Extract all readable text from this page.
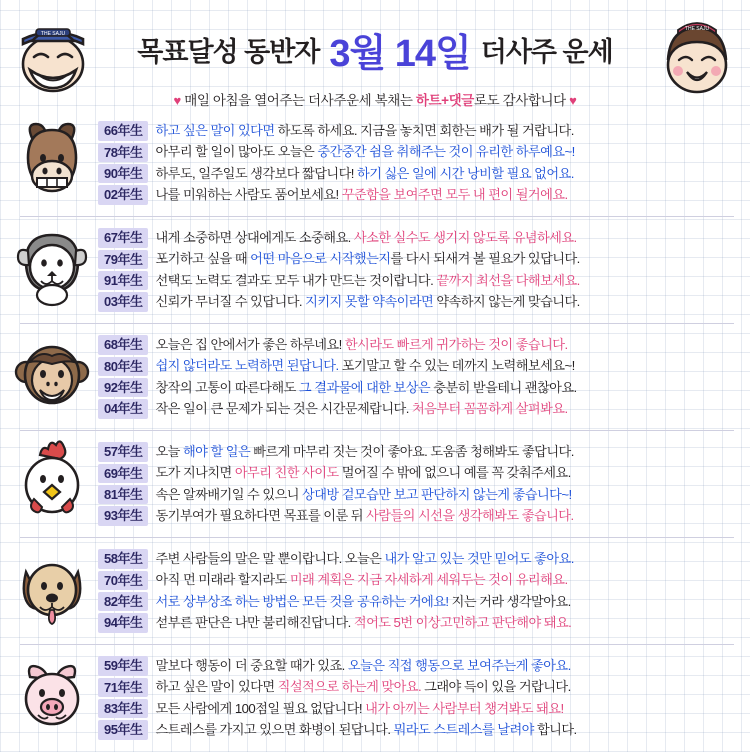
THE SAJU
목표달성 동반자 3월 14일 더사주 운세
♥ 매일 아침을 열어주는 더사주운세 복채는 하트+댓글로도 감사합니다 ♥
THE SAJU
66年生 하고 싶은 말이 있다면 하도록 하세요. 지금을 놓치면 회한는 배가 될 거랍니다.
78年生 아무리 할 일이 많아도 오늘은 중간중간 쉼을 취해주는 것이 유리한 하루예요~!
90年生 하루도, 일주일도 생각보다 짧답니다! 하기 싫은 일에 시간 낭비할 필요 없어요.
02年生 나를 미워하는 사람도 품어보세요! 꾸준함을 보여주면 모두 내 편이 될거에요.
67年生 내게 소중하면 상대에게도 소중해요. 사소한 실수도 생기지 않도록 유념하세요.
79年生 포기하고 싶을 때 어떤 마음으로 시작했는지를 다시 되새겨 볼 필요가 있답니다.
91年生 선택도 노력도 결과도 모두 내가 만드는 것이랍니다. 끝까지 최선을 다해보세요.
03年生 신뢰가 무너질 수 있답니다. 지키지 못할 약속이라면 약속하지 않는게 맞습니다.
68年生 오늘은 집 안에서가 좋은 하루네요! 한시라도 빠르게 귀가하는 것이 좋습니다.
80年生 쉽지 않더라도 노력하면 된답니다. 포기말고 할 수 있는 데까지 노력해보세요~!
92年生 창작의 고통이 따른다해도 그 결과물에 대한 보상은 충분히 받을테니 괜찮아요.
04年生 작은 일이 큰 문제가 되는 것은 시간문제랍니다. 처음부터 꼼꼼하게 살펴봐요.
57年生 오늘 해야 할 일은 빠르게 마무리 짓는 것이 좋아요. 도움좀 청해봐도 좋답니다.
69年生 도가 지나치면 아무리 친한 사이도 멀어질 수 밖에 없으니 예를 꼭 갖춰주세요.
81年生 속은 알짜배기일 수 있으니 상대방 겉모습만 보고 판단하지 않는게 좋습니다~!
93年生 동기부여가 필요하다면 목표를 이룬 뒤 사람들의 시선을 생각해봐도 좋습니다.
58年生 주변 사람들의 말은 말 뿐이랍니다. 오늘은 내가 알고 있는 것만 믿어도 좋아요.
70年生 아직 먼 미래라 할지라도 미래 계획은 지금 자세하게 세워두는 것이 유리해요.
82年生 서로 상부상조 하는 방법은 모든 것을 공유하는 거에요! 지는 거라 생각말아요.
94年生 섣부른 판단은 나만 불리해진답니다. 적어도 5번 이상고민하고 판단해야 돼요.
59年生 말보다 행동이 더 중요할 때가 있죠. 오늘은 직접 행동으로 보여주는게 좋아요.
71年生 하고 싶은 말이 있다면 직설적으로 하는게 맞아요. 그래야 득이 있을 거랍니다.
83年生 모든 사람에게 100점일 필요 없답니다! 내가 아끼는 사람부터 챙겨봐도 돼요!
95年生 스트레스를 가지고 있으면 화병이 된답니다. 뭐라도 스트레스를 날려야 합니다.
